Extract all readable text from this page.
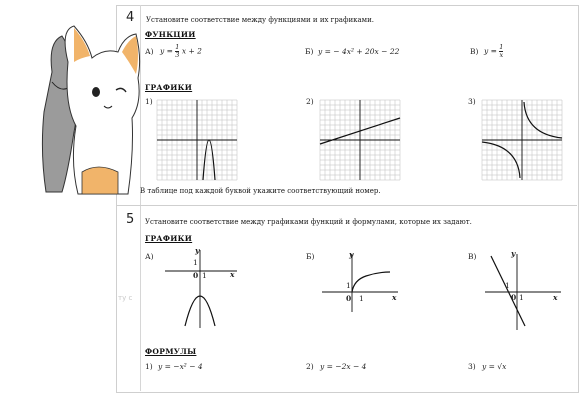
4 Установите соответствие между функциями и их графиками.
ФУНКЦИИ
А) $y = \frac{1}{3}$ x + 2	Б) y = − 4x² + 20x − 22	В) $y = \frac{1}{x}$
ГРАФИКИ
1)	2)	3)
В таблице под каждой буквой укажите соответствующий номер.
5 Установите соответствие между графиками функций и формулами, которые их задают.
ГРАФИКИ
А)	Б)	В)
y
1
0 1	x
y
1
0 1	x
y
1
0 1	x
ФОРМУЛЫ
1) y = −x² − 4	2) y = −2x − 4	3) y = √x
ту с
